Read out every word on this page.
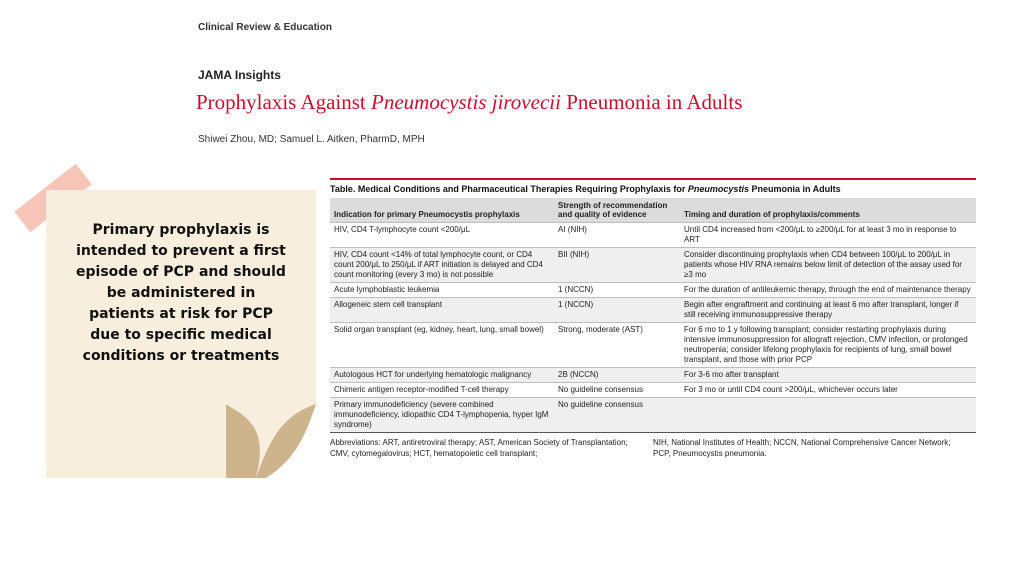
Clinical Review & Education
JAMA Insights
Prophylaxis Against Pneumocystis jirovecii Pneumonia in Adults
Shiwei Zhou, MD; Samuel L. Aitken, PharmD, MPH
Primary prophylaxis is intended to prevent a first episode of PCP and should be administered in patients at risk for PCP due to specific medical conditions or treatments
Table. Medical Conditions and Pharmaceutical Therapies Requiring Prophylaxis for Pneumocystis Pneumonia in Adults
Indication for primary Pneumocystis prophylaxis	Strength of recommendation and quality of evidence	Timing and duration of prophylaxis/comments
HIV, CD4 T-lymphocyte count <200/μL	AI (NIH)	Until CD4 increased from <200/μL to ≥200/μL for at least 3 mo in response to ART
HIV, CD4 count <14% of total lymphocyte count, or CD4 count 200/μL to 250/μL if ART initiation is delayed and CD4 count monitoring (every 3 mo) is not possible	BII (NIH)	Consider discontinuing prophylaxis when CD4 between 100/μL to 200/μL in patients whose HIV RNA remains below limit of detection of the assay used for ≥3 mo
Acute lymphoblastic leukemia	1 (NCCN)	For the duration of antileukemic therapy, through the end of maintenance therapy
Allogeneic stem cell transplant	1 (NCCN)	Begin after engraftment and continuing at least 6 mo after transplant, longer if still receiving immunosuppressive therapy
Solid organ transplant (eg, kidney, heart, lung, small bowel)	Strong, moderate (AST)	For 6 mo to 1 y following transplant; consider restarting prophylaxis during intensive immunosuppression for allograft rejection, CMV infection, or prolonged neutropenia; consider lifelong prophylaxis for recipients of lung, small bowel transplant, and those with prior PCP
Autologous HCT for underlying hematologic malignancy	2B (NCCN)	For 3-6 mo after transplant
Chimeric antigen receptor-modified T-cell therapy	No guideline consensus	For 3 mo or until CD4 count >200/μL, whichever occurs later
Primary immunodeficiency (severe combined immunodeficiency, idiopathic CD4 T-lymphopenia, hyper IgM syndrome)	No guideline consensus	
Abbreviations: ART, antiretroviral therapy; AST, American Society of Transplantation; CMV, cytomegalovirus; HCT, hematopoietic cell transplant;
NIH, National Institutes of Health; NCCN, National Comprehensive Cancer Network; PCP, Pneumocystis pneumonia.
